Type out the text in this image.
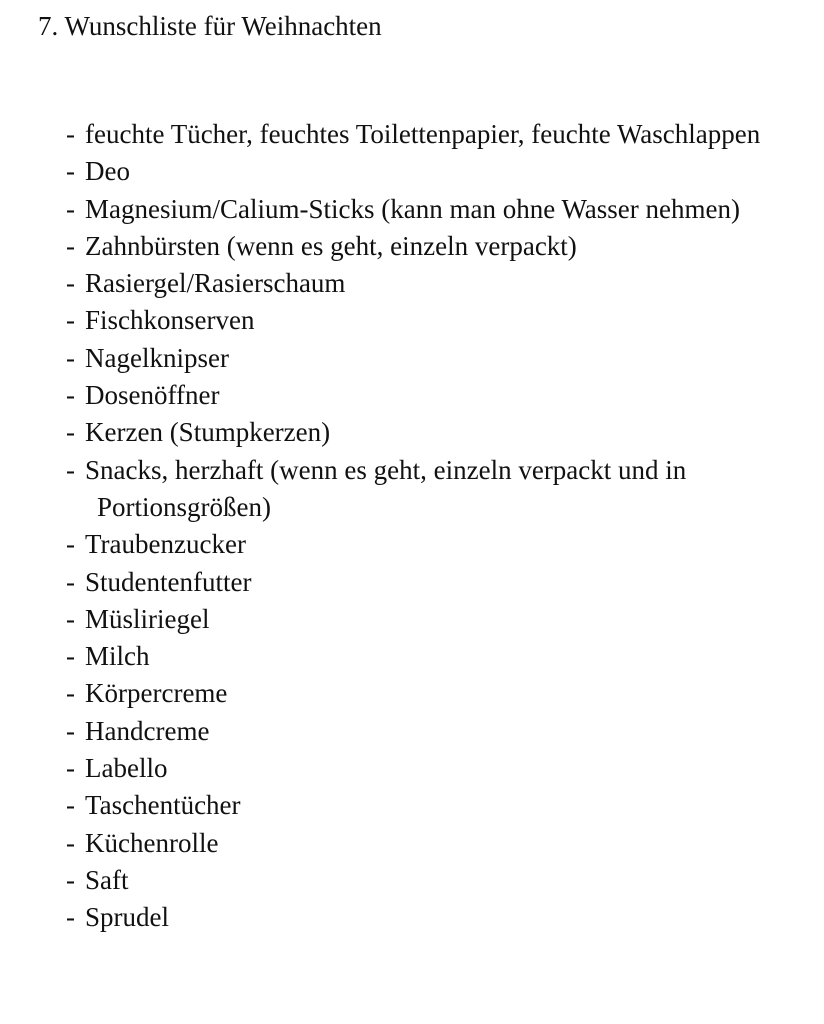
7. Wunschliste für Weihnachten
- feuchte Tücher, feuchtes Toilettenpapier, feuchte Waschlappen
- Deo
- Magnesium/Calium-Sticks (kann man ohne Wasser nehmen)
- Zahnbürsten (wenn es geht, einzeln verpackt)
- Rasiergel/Rasierschaum
- Fischkonserven
- Nagelknipser
- Dosenöffner
- Kerzen (Stumpkerzen)
- Snacks, herzhaft (wenn es geht, einzeln verpackt und in Portionsgrößen)
- Traubenzucker
- Studentenfutter
- Müsliriegel
- Milch
- Körpercreme
- Handcreme
- Labello
- Taschentücher
- Küchenrolle
- Saft
- Sprudel
